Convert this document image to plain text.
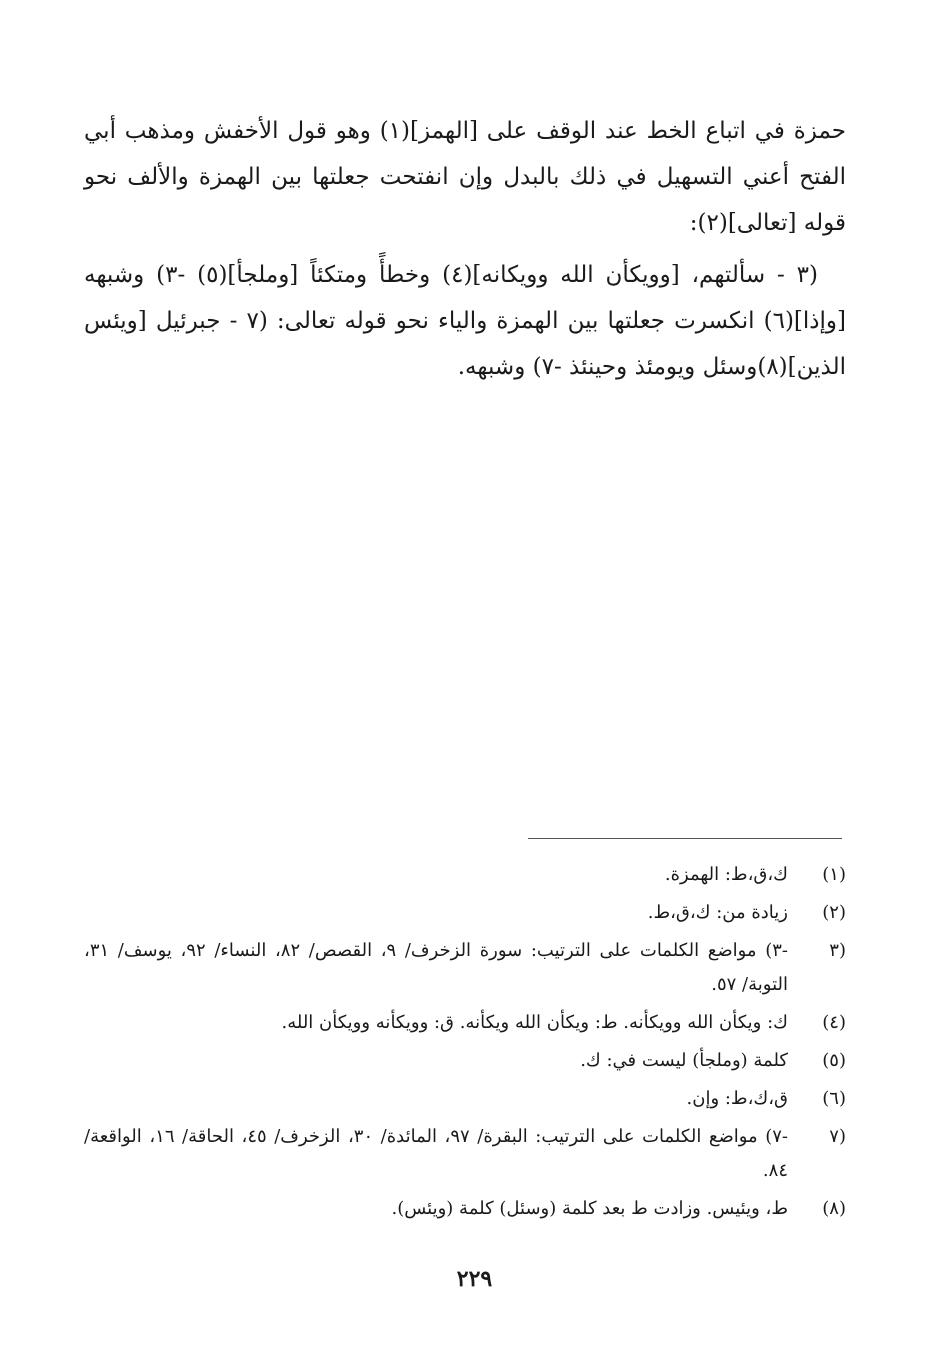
حمزة في اتباع الخط عند الوقف على [الهمز](١) وهو قول الأخفش ومذهب أبي الفتح أعني التسهيل في ذلك بالبدل وإن انفتحت جعلتها بين الهمزة والألف نحو قوله [تعالى](٢):

(٣ - سألتهم، [وويكأن الله وويكانه](٤) وخطأً ومتكئاً [وملجأ](٥) -٣) وشبهه [وإذا](٦) انكسرت جعلتها بين الهمزة والياء نحو قوله تعالى: (٧ - جبرئيل [ويئس الذين](٨)وسئل ويومئذ وحينئذ -٧) وشبهه.

(١)
ك،ق،ط: الهمزة.
(٢)
زيادة من: ك،ق،ط.
(٣
-٣) مواضع الكلمات على الترتيب: سورة الزخرف/ ٩، القصص/ ٨٢، النساء/ ٩٢، يوسف/ ٣١، التوبة/ ٥٧.
(٤)
ك: ويكأن الله وويكأنه. ط: ويكأن الله ويكأنه. ق: وويكأنه وويكأن الله.
(٥)
كلمة (وملجأ) ليست في: ك.
(٦)
ق،ك،ط: وإن.
(٧
-٧) مواضع الكلمات على الترتيب: البقرة/ ٩٧، المائدة/ ٣٠، الزخرف/ ٤٥، الحاقة/ ١٦، الواقعة/ ٨٤.
(٨)
ط، ويئيس. وزادت ط بعد كلمة (وسئل) كلمة (ويئس).
٢٢٩
